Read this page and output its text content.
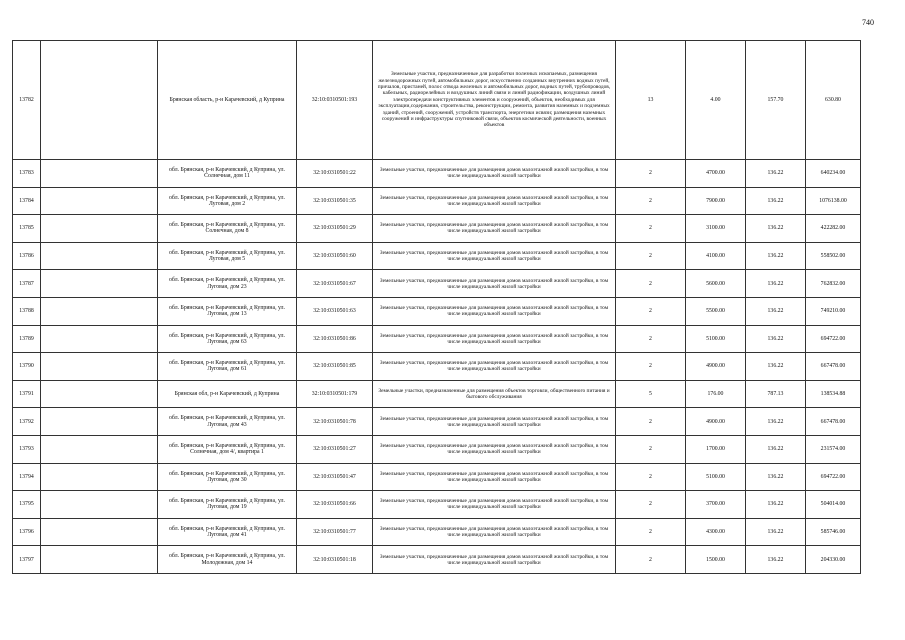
740
13782		Брянская область, р-н Карачевский, д Куприна	32:10:0310501:193	Земельные участки, предназначенные для разработки полезных ископаемых, размещения железнодорожных путей, автомобильных дорог, искусственно созданных внутренних водных путей, причалов, пристаней, полос отвода железных и автомобильных дорог, водных путей, трубопроводов, кабельных, радиорелейных и воздушных линий связи и линий радиофикации, воздушных линий электропередачи конструктивных элементов и сооружений, объектов, необходимых для эксплуатации,содержания, строительства, реконструкции, ремонта, развития наземных и подземных зданий, строений, сооружений, устройств транспорта, энергетики исвязи; размещения наземных сооружений и инфраструктуры спутниковой связи, объектов космической деятельности, военных объектов	13	4.00	157.70	630.80
13783		обл. Брянская, р-н Карачевский, д Куприна, ул. Солнечная, дом 11	32:10:0310501:22	Земельные участки, предназначенные для размещения домов малоэтажной жилой застройки, в том числе индивидуальной жилой застройки	2	4700.00	136.22	640234.00
13784		обл. Брянская, р-н Карачевский, д Куприна, ул. Луговая, дом 2	32:10:0310501:35	Земельные участки, предназначенные для размещения домов малоэтажной жилой застройки, в том числе индивидуальной жилой застройки	2	7900.00	136.22	1076138.00
13785		обл. Брянская, р-н Карачевский, д Куприна, ул. Солнечная, дом 8	32:10:0310501:29	Земельные участки, предназначенные для размещения домов малоэтажной жилой застройки, в том числе индивидуальной жилой застройки	2	3100.00	136.22	422282.00
13786		обл. Брянская, р-н Карачевский, д Куприна, ул. Луговая, дом 5	32:10:0310501:60	Земельные участки, предназначенные для размещения домов малоэтажной жилой застройки, в том числе индивидуальной жилой застройки	2	4100.00	136.22	558502.00
13787		обл. Брянская, р-н Карачевский, д Куприна, ул. Луговая, дом 23	32:10:0310501:67	Земельные участки, предназначенные для размещения домов малоэтажной жилой застройки, в том числе индивидуальной жилой застройки	2	5600.00	136.22	762832.00
13788		обл. Брянская, р-н Карачевский, д Куприна, ул. Луговая, дом 13	32:10:0310501:63	Земельные участки, предназначенные для размещения домов малоэтажной жилой застройки, в том числе индивидуальной жилой застройки	2	5500.00	136.22	749210.00
13789		обл. Брянская, р-н Карачевский, д Куприна, ул. Луговая, дом 63	32:10:0310501:86	Земельные участки, предназначенные для размещения домов малоэтажной жилой застройки, в том числе индивидуальной жилой застройки	2	5100.00	136.22	694722.00
13790		обл. Брянская, р-н Карачевский, д Куприна, ул. Луговая, дом 61	32:10:0310501:85	Земельные участки, предназначенные для размещения домов малоэтажной жилой застройки, в том числе индивидуальной жилой застройки	2	4900.00	136.22	667478.00
13791		Брянская обл, р-н Карачевский, д Куприна	32:10:0310501:179	Земельные участки, предназначенные для размещения объектов торговли, общественного питания и бытового обслуживания	5	176.00	787.13	138534.88
13792		обл. Брянская, р-н Карачевский, д Куприна, ул. Луговая, дом 43	32:10:0310501:78	Земельные участки, предназначенные для размещения домов малоэтажной жилой застройки, в том числе индивидуальной жилой застройки	2	4900.00	136.22	667478.00
13793		обл. Брянская, р-н Карачевский, д Куприна, ул. Солнечная, дом 4/, квартира 1	32:10:0310501:27	Земельные участки, предназначенные для размещения домов малоэтажной жилой застройки, в том числе индивидуальной жилой застройки	2	1700.00	136.22	231574.00
13794		обл. Брянская, р-н Карачевский, д Куприна, ул. Луговая, дом 30	32:10:0310501:47	Земельные участки, предназначенные для размещения домов малоэтажной жилой застройки, в том числе индивидуальной жилой застройки	2	5100.00	136.22	694722.00
13795		обл. Брянская, р-н Карачевский, д Куприна, ул. Луговая, дом 19	32:10:0310501:66	Земельные участки, предназначенные для размещения домов малоэтажной жилой застройки, в том числе индивидуальной жилой застройки	2	3700.00	136.22	504014.00
13796		обл. Брянская, р-н Карачевский, д Куприна, ул. Луговая, дом 41	32:10:0310501:77	Земельные участки, предназначенные для размещения домов малоэтажной жилой застройки, в том числе индивидуальной жилой застройки	2	4300.00	136.22	585746.00
13797		обл. Брянская, р-н Карачевский, д Куприна, ул. Молодежная, дом 14	32:10:0310501:18	Земельные участки, предназначенные для размещения домов малоэтажной жилой застройки, в том числе индивидуальной жилой застройки	2	1500.00	136.22	204330.00
